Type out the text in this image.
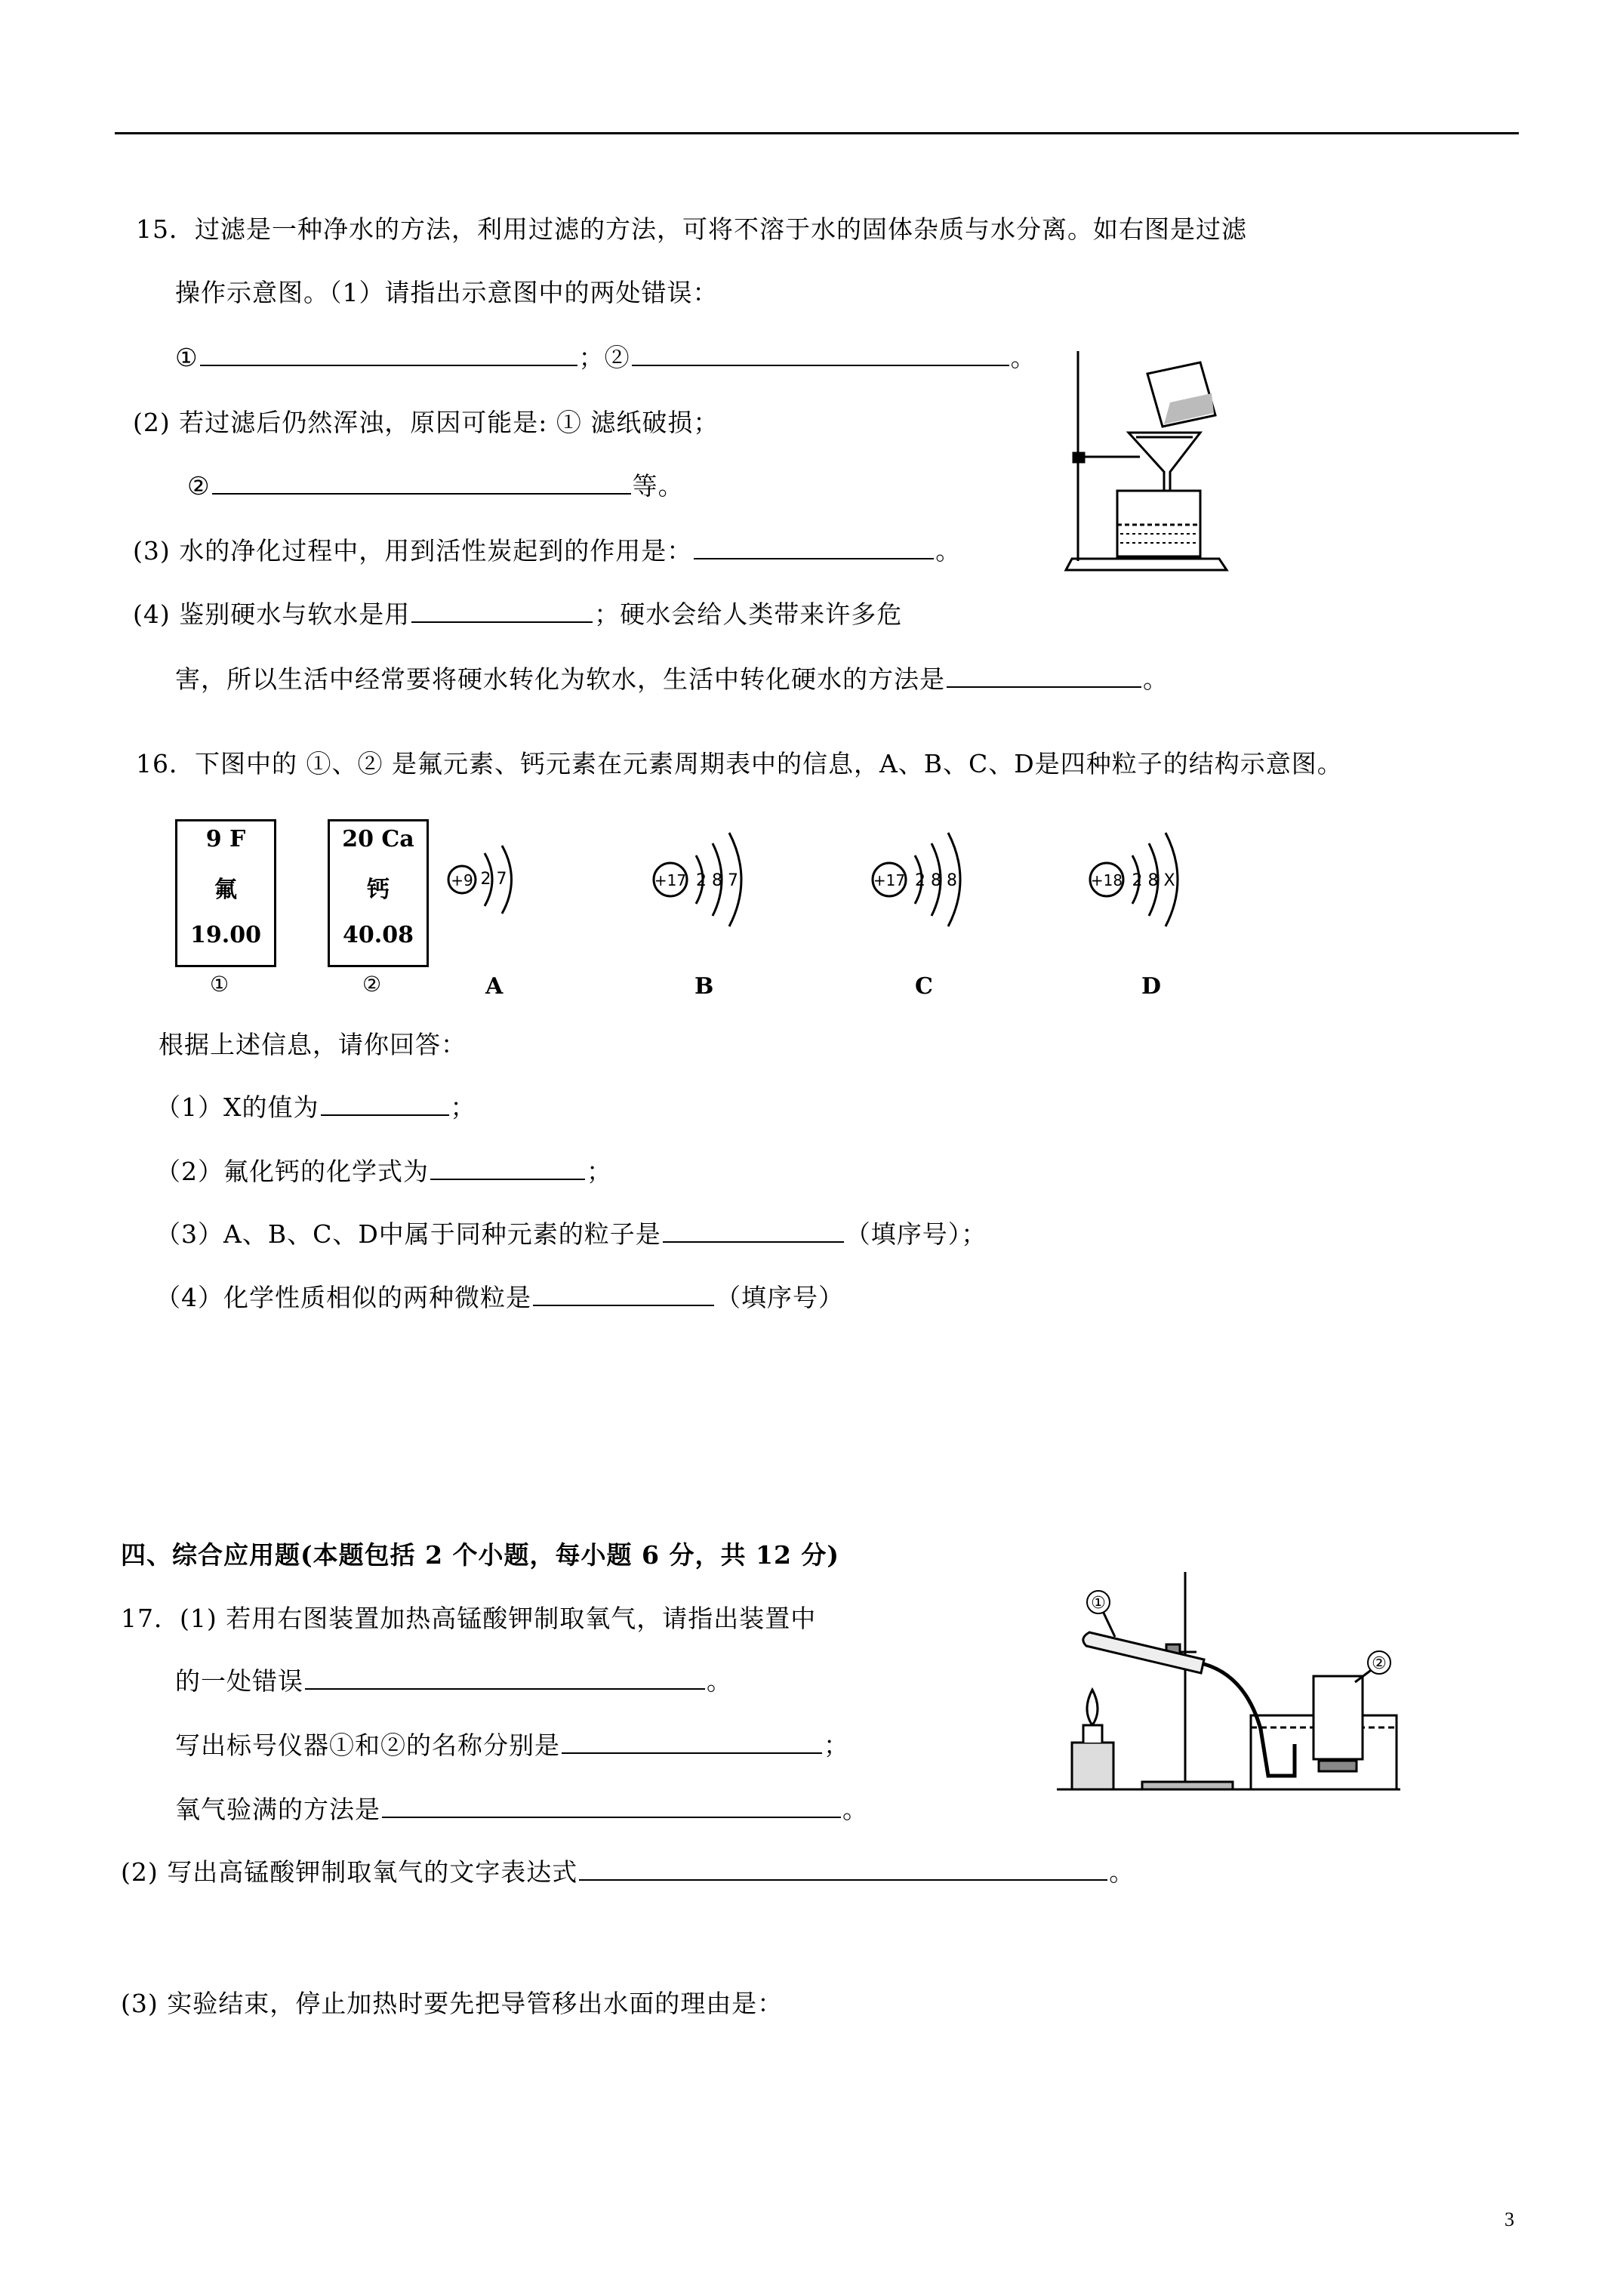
15．过滤是一种净水的方法，利用过滤的方法，可将不溶于水的固体杂质与水分离。如右图是过滤
操作示意图。（1）请指出示意图中的两处错误：
①	；②	。
(2) 若过滤后仍然浑浊，原因可能是: ① 滤纸破损；
②	等。
(3) 水的净化过程中，用到活性炭起到的作用是：	。
(4) 鉴别硬水与软水是用	；硬水会给人类带来许多危
害，所以生活中经常要将硬水转化为软水，生活中转化硬水的方法是	。
16．下图中的 ①、② 是氟元素、钙元素在元素周期表中的信息，A、B、C、D是四种粒子的结构示意图。
9 F
氟
19.00
①
20 Ca
钙
40.08
②
+9 2 7
A
+17 2 8 7
B
+17 2 8 8
C
+18 2 8 X
D
根据上述信息，请你回答：
（1）X的值为	；
（2）氟化钙的化学式为	；
（3）A、B、C、D中属于同种元素的粒子是	（填序号）；
（4）化学性质相似的两种微粒是	（填序号）
四、综合应用题(本题包括 2 个小题，每小题 6 分，共 12 分)
17．(1) 若用右图装置加热高锰酸钾制取氧气，请指出装置中
的一处错误	。
写出标号仪器①和②的名称分别是	；
氧气验满的方法是	。
(2) 写出高锰酸钾制取氧气的文字表达式	。
(3) 实验结束，停止加热时要先把导管移出水面的理由是：
①
②
3
